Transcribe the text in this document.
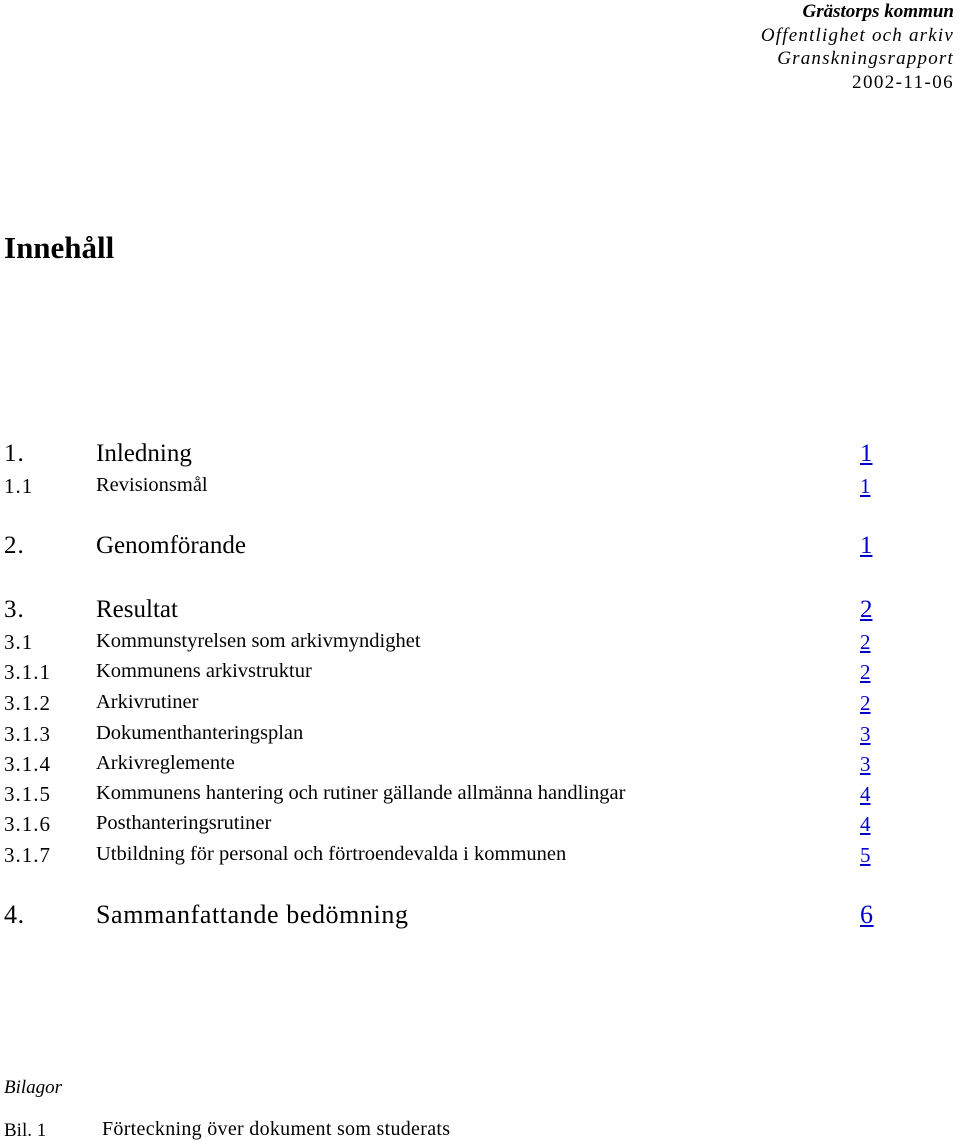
Grästorps kommun
Offentlighet och arkiv
Granskningsrapport
2002-11-06
Innehåll
1.	Inledning	1
1.1	Revisionsmål	1
2.	Genomförande	1
3.	Resultat	2
3.1	Kommunstyrelsen som arkivmyndighet	2
3.1.1 Kommunens arkivstruktur	2
3.1.2 Arkivrutiner	2
3.1.3 Dokumenthanteringsplan	3
3.1.4 Arkivreglemente	3
3.1.5 Kommunens hantering och rutiner gällande allmänna handlingar	4
3.1.6 Posthanteringsrutiner	4
3.1.7 Utbildning för personal och förtroendevalda i kommunen	5
4.	Sammanfattande bedömning	6
Bilagor
Bil. 1	Förteckning över dokument som studerats
